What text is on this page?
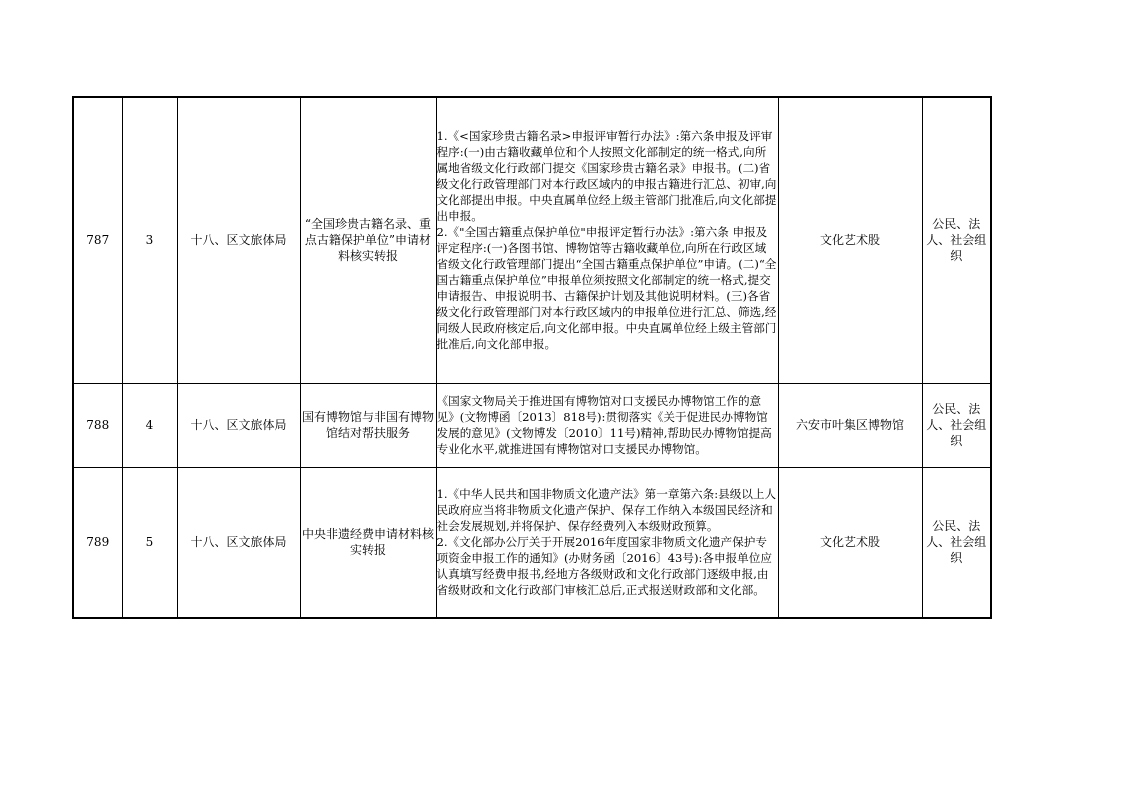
787	3	十八、区文旅体局	“全国珍贵古籍名录、重点古籍保护单位”申请材料核实转报	1.《<国家珍贵古籍名录>申报评审暂行办法》:第六条申报及评审程序:(一)由古籍收藏单位和个人按照文化部制定的统一格式,向所属地省级文化行政部门提交《国家珍贵古籍名录》申报书。(二)省级文化行政管理部门对本行政区域内的申报古籍进行汇总、初审,向文化部提出申报。中央直属单位经上级主管部门批准后,向文化部提出申报。
2.《"全国古籍重点保护单位"申报评定暂行办法》:第六条 申报及评定程序:(一)各图书馆、博物馆等古籍收藏单位,向所在行政区域省级文化行政管理部门提出“全国古籍重点保护单位”申请。(二)“全国古籍重点保护单位”申报单位须按照文化部制定的统一格式,提交申请报告、申报说明书、古籍保护计划及其他说明材料。(三)各省级文化行政管理部门对本行政区域内的申报单位进行汇总、筛选,经同级人民政府核定后,向文化部申报。中央直属单位经上级主管部门批准后,向文化部申报。	文化艺术股	公民、法人、社会组织
788	4	十八、区文旅体局	国有博物馆与非国有博物馆结对帮扶服务	《国家文物局关于推进国有博物馆对口支援民办博物馆工作的意见》(文物博函〔2013〕818号):贯彻落实《关于促进民办博物馆发展的意见》(文物博发〔2010〕11号)精神,帮助民办博物馆提高专业化水平,就推进国有博物馆对口支援民办博物馆。	六安市叶集区博物馆	公民、法人、社会组织
789	5	十八、区文旅体局	中央非遗经费申请材料核实转报	1.《中华人民共和国非物质文化遗产法》第一章第六条:县级以上人民政府应当将非物质文化遗产保护、保存工作纳入本级国民经济和社会发展规划,并将保护、保存经费列入本级财政预算。
2.《文化部办公厅关于开展2016年度国家非物质文化遗产保护专项资金申报工作的通知》(办财务函〔2016〕43号):各申报单位应认真填写经费申报书,经地方各级财政和文化行政部门逐级申报,由省级财政和文化行政部门审核汇总后,正式报送财政部和文化部。	文化艺术股	公民、法人、社会组织
